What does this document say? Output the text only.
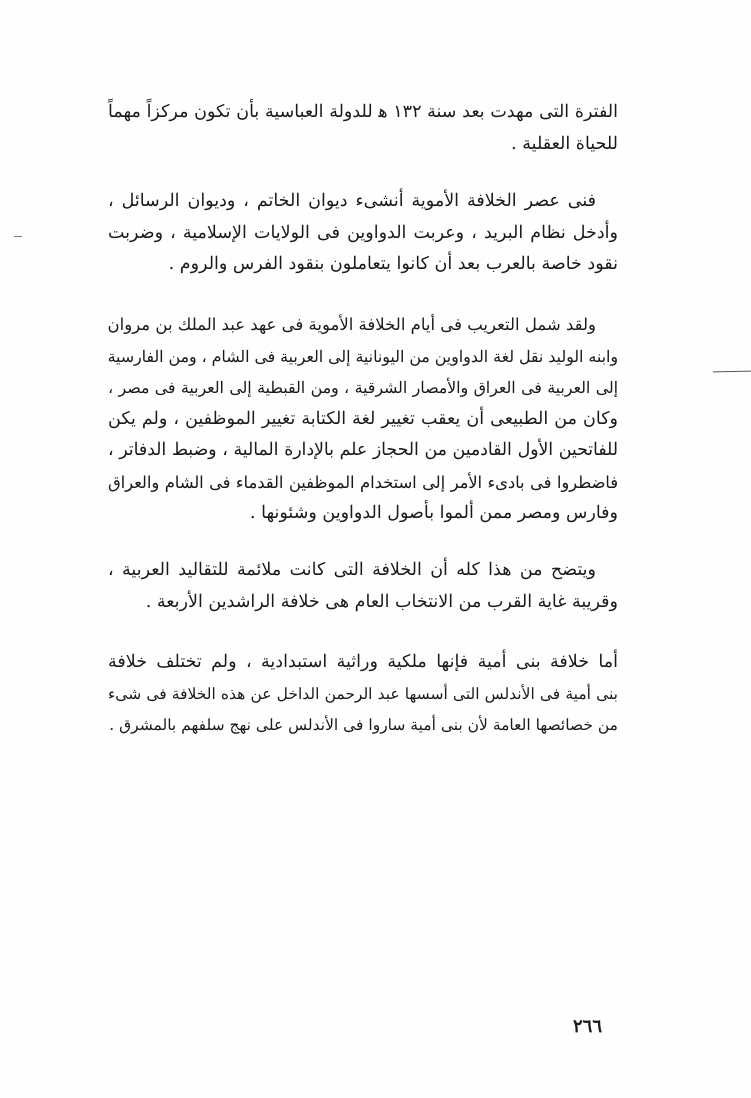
الفترة التى مهدت بعد سنة ١٣٢ ﻫ للدولة العباسية بأن تكون مركزاً مهماً
للحياة العقلية .
فنى عصر الخلافة الأموية أنشىء ديوان الخاتم ، وديوان الرسائل ،
وأدخل نظام البريد ، وعربت الدواوين فى الولايات الإسلامية ، وضربت
نقود خاصة بالعرب بعد أن كانوا يتعاملون بنقود الفرس والروم .
ولقد شمل التعريب فى أيام الخلافة الأموية فى عهد عبد الملك بن مروان
وابنه الوليد نقل لغة الدواوين من اليونانية إلى العربية فى الشام ، ومن الفارسية
إلى العربية فى العراق والأمصار الشرقية ، ومن القبطية إلى العربية فى مصر ،
وكان من الطبيعى أن يعقب تغيير لغة الكتابة تغيير الموظفين ، ولم يكن
للفاتحين الأول القادمين من الحجاز علم بالإدارة المالية ، وضبط الدفاتر ،
فاضطروا فى بادىء الأمر إلى استخدام الموظفين القدماء فى الشام والعراق
وفارس ومصر ممن ألموا بأصول الدواوين وشئونها .
ويتضح من هذا كله أن الخلافة التى كانت ملائمة للتقاليد العربية ،
وقريبة غاية القرب من الانتخاب العام هى خلافة الراشدين الأربعة .
أما خلافة بنى أمية فإنها ملكية وراثية استبدادية ، ولم تختلف خلافة
بنى أمية فى الأندلس التى أسسها عبد الرحمن الداخل عن هذه الخلافة فى شىء
من خصائصها العامة لأن بنى أمية ساروا فى الأندلس على نهج سلفهم بالمشرق .
٢٦٦
